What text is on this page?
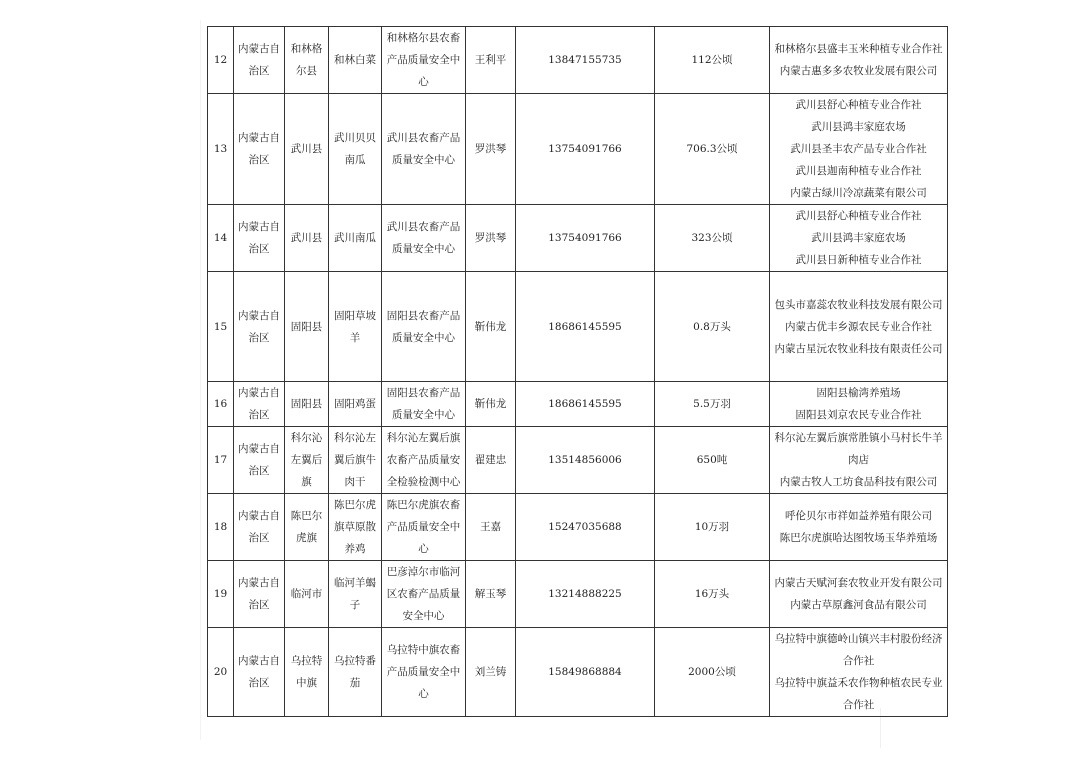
12	内蒙古自治区	和林格尔县	和林白菜	和林格尔县农畜产品质量安全中心	王利平	13847155735	112公顷	和林格尔县盛丰玉米种植专业合作社
内蒙古惠多多农牧业发展有限公司

13	内蒙古自治区	武川县	武川贝贝南瓜	武川县农畜产品质量安全中心	罗洪琴	13754091766	706.3公顷	武川县舒心种植专业合作社
武川县鸿丰家庭农场
武川县圣丰农产品专业合作社
武川县迦南种植专业合作社
内蒙古绿川冷凉蔬菜有限公司

14	内蒙古自治区	武川县	武川南瓜	武川县农畜产品质量安全中心	罗洪琴	13754091766	323公顷	武川县舒心种植专业合作社
武川县鸿丰家庭农场
武川县日新种植专业合作社

15	内蒙古自治区	固阳县	固阳草坡羊	固阳县农畜产品质量安全中心	靳伟龙	18686145595	0.8万头	包头市嘉蕊农牧业科技发展有限公司
内蒙古优丰乡源农民专业合作社
内蒙古星沅农牧业科技有限责任公司

16	内蒙古自治区	固阳县	固阳鸡蛋	固阳县农畜产品质量安全中心	靳伟龙	18686145595	5.5万羽	固阳县榆湾养殖场
固阳县刘京农民专业合作社

17	内蒙古自治区	科尔沁左翼后旗	科尔沁左翼后旗牛肉干	科尔沁左翼后旗农畜产品质量安全检验检测中心	翟建忠	13514856006	650吨	科尔沁左翼后旗常胜镇小马村长牛羊肉店
内蒙古牧人工坊食品科技有限公司

18	内蒙古自治区	陈巴尔虎旗	陈巴尔虎旗草原散养鸡	陈巴尔虎旗农畜产品质量安全中心	王嘉	15247035688	10万羽	呼伦贝尔市祥如益养殖有限公司
陈巴尔虎旗哈达图牧场玉华养殖场

19	内蒙古自治区	临河市	临河羊蝎子	巴彦淖尔市临河区农畜产品质量安全中心	解玉琴	13214888225	16万头	内蒙古天赋河套农牧业开发有限公司
内蒙古草原鑫河食品有限公司

20	内蒙古自治区	乌拉特中旗	乌拉特番茄	乌拉特中旗农畜产品质量安全中心	刘兰铸	15849868884	2000公顷	乌拉特中旗德岭山镇兴丰村股份经济合作社
乌拉特中旗益禾农作物种植农民专业合作社
